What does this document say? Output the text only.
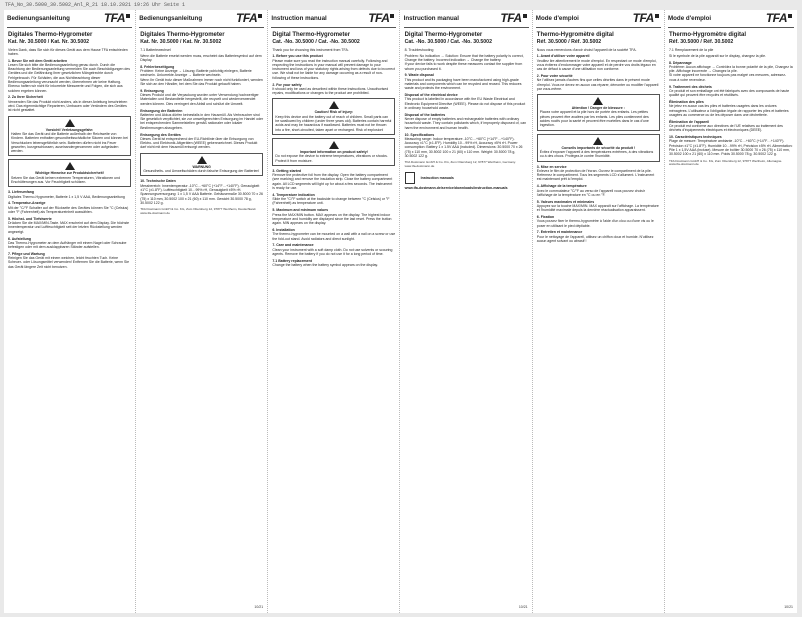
TFA_No_30.5000_30.5002_Anl_R_21 18.10.2021 19:26 Uhr Seite 1
Bedienungsanleitung	TFA
Digitales Thermo-Hygrometer
Kat. Nr. 30.5000 / Kat. Nr. 30.5002
Vielen Dank, dass Sie sich für dieses Gerät aus dem Hause TFA entschieden haben.
1. Bevor Sie mit dem Gerät arbeiten

Lesen Sie sich bitte die Bedienungsanleitung genau durch. Durch die Beachtung der Bedienungsanleitung vermeiden Sie auch Beschädigungen des Gerätes und die Gefährdung Ihrer gesetzlichen Mängelrechte durch Fehlgebrauch. Für Schäden, die aus Nichtbeachtung dieser Bedienungsanleitung verursacht werden, übernehmen wir keine Haftung. Ebenso haften wir nicht für inkorrekte Messwerte und Folgen, die sich aus solchen ergeben können.

2. Zu Ihrer Sicherheit

Verwenden Sie das Produkt nicht anders, als in dieser Anleitung beschrieben wird. Das eigenmächtige Reparieren, Umbauen oder Verändern des Gerätes ist nicht gestattet.

Vorsicht! Verletzungsgefahr:

Halten Sie das Gerät und die Batterie außerhalb der Reichweite von Kindern. Batterien enthalten gesundheitsschädliche Säuren und können bei Verschlucken lebensgefährlich sein. Batterien dürfen nicht ins Feuer geworfen, kurzgeschlossen, auseinandergenommen oder aufgeladen werden.

Wichtige Hinweise zur Produktsicherheit!

Setzen Sie das Gerät keinen extremen Temperaturen, Vibrationen und Erschütterungen aus. Vor Feuchtigkeit schützen.

3. Lieferumfang

Digitales Thermo-Hygrometer, Batterie 1 x 1,5 V AAA, Bedienungsanleitung

4. Temperatur-Anzeige

Mit der °C/°F Schalter auf der Rückseite des Gerätes können Sie °C (Celsius) oder °F (Fahrenheit) als Temperatureinheit auswählen.

5. Höchst- und Tiefstwerte

Drücken Sie die MAX/MIN-Taste. MAX erscheint auf dem Display. Die höchste Innentemperatur und Luftfeuchtigkeit seit der letzten Rückstellung werden angezeigt.

6. Aufstellung

Das Thermo-Hygrometer an dem Aufhänger mit einem Nagel oder Schraube befestigen oder mit dem ausklappbaren Ständer aufstellen.

7. Pflege und Wartung

Reinigen Sie das Gerät mit einem weichen, leicht feuchten Tuch. Keine Scheuer- oder Lösungsmittel verwenden! Entfernen Sie die Batterie, wenn Sie das Gerät längere Zeit nicht benutzen.

Bedienungsanleitung	TFA
Digitales Thermo-Hygrometer
Kat. Nr. 30.5000 / Kat. Nr. 30.5002
7.1 Batteriewechsel

Wenn die Batterie ersetzt werden muss, erscheint das Batteriesymbol auf dem Display.

8. Fehlerbeseitigung

Problem: Keine Anzeige → Lösung: Batterie polrichtig einlegen, Batterie wechseln. Unkorrekte Anzeige → Batterie wechseln.

Wenn Ihr Gerät trotz dieser Maßnahmen immer noch nicht funktioniert, wenden Sie sich an den Händler, bei dem Sie das Produkt gekauft haben.

9. Entsorgung

Dieses Produkt und die Verpackung wurden unter Verwendung hochwertiger Materialien und Bestandteile hergestellt, die recycelt und wiederverwendet werden können. Dies verringert den Abfall und schützt die Umwelt.

Entsorgung der Batterien

Batterien und Akkus dürfen keinesfalls in den Hausmüll. Als Verbraucher sind Sie gesetzlich verpflichtet, sie zur umweltgerechten Entsorgung im Handel oder bei entsprechenden Sammelstellen gemäß nationaler oder lokaler Bestimmungen abzugeben.

Entsorgung des Gerätes

Dieses Gerät ist entsprechend der EU-Richtlinie über die Entsorgung von Elektro- und Elektronik-Altgeräten (WEEE) gekennzeichnet. Dieses Produkt darf nicht mit dem Hausmüll entsorgt werden.

WARNUNG

Gesundheits- und Umweltschäden durch falsche Entsorgung der Batterien!

10. Technische Daten

Messbereich: Innentemperatur -10°C…+60°C (+14°F…+140°F). Genauigkeit ±1°C (±1.8°F). Luftfeuchtigkeit 10…99% rH, Genauigkeit ±5% rH. Spannungsversorgung: 1 x 1,5 V AAA Batterie. Gehäusemaße 30.5000 70 x 26 (75) x 110 mm, 30.5002 100 x 21 (60) x 110 mm. Gewicht 30.5000 78 g, 30.5002 122 g.

TFA Dostmann GmbH & Co. KG, Zum Ottersberg 12, 97877 Wertheim, Deutschland. www.tfa-dostmann.de
10/21
Instruction manual	TFA
Digital Thermo-Hygrometer
Cat. -No. 30.5000 / Cat. -No. 30.5002
Thank you for choosing this instrument from TFA.
1. Before you use this product

Please make sure you read the instruction manual carefully. Following and respecting the instructions in your manual will prevent damage to your instrument and loss of your statutory rights arising from defects due to incorrect use. We shall not be liable for any damage occurring as a result of non-following of these instructions.

2. For your safety

It should only be used as described within these instructions. Unauthorised repairs, modifications or changes to the product are prohibited.

Caution! Risk of injury:

Keep this device and the battery out of reach of children. Small parts can be swallowed by children (under three years old). Batteries contain harmful acids and may be hazardous if swallowed. Batteries must not be thrown into a fire, short-circuited, taken apart or recharged. Risk of explosion!

Important information on product safety!

Do not expose the device to extreme temperatures, vibrations or shocks. Protect it from moisture.

3. Getting started

Remove the protective foil from the display. Open the battery compartment (see marking) and remove the insulation strip. Close the battery compartment again. All LCD segments will light up for about a few seconds. The instrument is ready for use.

4. Temperature indication

Slide the °C/°F switch at the backside to change between °C (Celsius) or °F (Fahrenheit) as temperature unit.

5. Maximum and minimum values

Press the MAX/MIN button. MAX appears on the display. The highest indoor temperature and humidity are displayed since the last reset. Press the button again. MIN appears on the display.

6. Installation

The thermo-hygrometer can be mounted on a wall with a nail on a screw or use the fold-out stand. Avoid radiators and direct sunlight.

7. Care and maintenance

Clean your instrument with a soft damp cloth. Do not use solvents or scouring agents. Remove the battery if you do not use it for a long period of time.

7.1 Battery replacement

Change the battery when the battery symbol appears on the display.

Instruction manual	TFA
Digital Thermo-Hygrometer
Cat. -No. 30.5000 / Cat. -No. 30.5002
8. Troubleshooting

Problem: No indication → Solution: Ensure that the battery polarity is correct, Change the battery. Incorrect indication → Change the battery.

If your device fails to work despite these measures contact the supplier from whom you purchased it.

9. Waste disposal

This product and its packaging have been manufactured using high-grade materials and components which can be recycled and reused. This reduces waste and protects the environment.

Disposal of the electrical device

This product is labelled in accordance with the EU Waste Electrical and Electronic Equipment Directive (WEEE). Please do not dispose of this product in ordinary household waste.

Disposal of the batteries

Never dispose of empty batteries and rechargeable batteries with ordinary household waste. They contain pollutants which, if improperly disposed of, can harm the environment and human health.

10. Specifications

Measuring range: Indoor temperature -10°C…+60°C (+14°F…+140°F). Accuracy ±1°C (±1.8°F). Humidity 10…99% rH, Accuracy ±5% rH. Power consumption: Battery 1 x 1.5V AAA (included). Dimensions: 30.5000 70 x 26 (75) x 110 mm, 30.5002 100 x 21 (60) x 110 mm. Weight: 30.5000 78 g, 30.5002 122 g.

TFA Dostmann GmbH & Co. KG, Zum Ottersberg 12, 97877 Wertheim, Germany. www.tfa-dostmann.de
Instruction manuals
www.tfa-dostmann.de/service/downloads/instruction-manuals
10/21
Mode d'emploi	TFA
Thermo-Hygromètre digital
Réf. 30.5000 / Réf. 30.5002
Nous vous remercions d'avoir choisi l'appareil de la société TFA.
1. Avant d'utiliser votre appareil

Veuillez lire attentivement le mode d'emploi. En respectant ce mode d'emploi, vous éviterez d'endommager votre appareil et de perdre vos droits légaux en cas de défaut à cause d'une utilisation non conforme.

2. Pour votre sécurité

Ne l'utilisez jamais d'autres fins que celles décrites dans le présent mode d'emploi. Vous ne devez en aucun cas réparer, démonter ou modifier l'appareil par vous-même.

Attention ! Danger de blessure :

Placez votre appareil et la pile hors de portée des enfants. Les petites pièces peuvent être avalées par les enfants. Les piles contiennent des acides nocifs pour la santé et peuvent être mortelles dans le cas d'une ingestion.

Conseils importants de sécurité du produit !

Évitez d'exposer l'appareil à des températures extrêmes, à des vibrations ou à des chocs. Protégez-le contre l'humidité.

3. Mise en service

Enlevez le film de protection de l'écran. Ouvrez le compartiment de la pile. Refermez le compartiment. Tous les segments LCD s'allument. L'instrument est maintenant prêt à l'emploi.

4. Affichage de la température

Avec le commutateur °C/°F au verso de l'appareil vous pouvez choisir l'affichage de la température en °C ou en °F.

5. Valeurs maximales et minimales

Appuyez sur la touche MAX/MIN. MAX apparaît sur l'affichage. La température et l'humidité maximale depuis la dernière réactualisation apparaissent.

6. Fixation

Vous pouvez fixer le thermo-hygromètre à l'aide d'un clou ou d'une vis ou le poser en utilisant le pied dépliable.

7. Entretien et maintenance

Pour le nettoyage de l'appareil, utilisez un chiffon doux et humide. N'utilisez aucun agent solvant ou abrasif !

Mode d'emploi	TFA
Thermo-Hygromètre digital
Réf. 30.5000 / Réf. 30.5002
7.1 Remplacement de la pile

Si le symbole de la pile apparaît sur le display, changez la pile.

8. Dépannage

Problème: Aucun affichage → Contrôlez la bonne polarité de la pile, Changez la pile. Affichage incorrecte → Changez la pile.

Si votre appareil ne fonctionne toujours pas malgré ces mesures, adressez-vous à votre revendeur.

9. Traitement des déchets

Ce produit et son emballage ont été fabriqués avec des composants de haute qualité qui peuvent être recyclés et réutilisés.

Élimination des piles

Ne jetez en aucun cas les piles et batteries usagées dans les ordures ménagères. L'utilisateur a l'obligation légale de rapporter les piles et batteries usagées au commerce ou de les déposer dans une déchetterie.

Élimination de l'appareil

Ce produit est conforme aux directives de l'UE relatives au traitement des déchets d'équipements électriques et électroniques (DEEE).

10. Caractéristiques techniques

Plage de mesure: Température ambiante -10°C…+60°C (+14°F…+140°F). Précision ±1°C (±1.8°F). Humidité 10…99% rH, Précision ±5% rH. Alimentation: Pile 1 x 1,5V AAA (incluse). Mesure de boîtier 30.5000 70 x 26 (75) x 110 mm, 30.5002 100 x 21 (60) x 110 mm. Poids 30.5000 78 g, 30.5002 122 g.

TFA Dostmann GmbH & Co. KG, Zum Ottersberg 12, 97877 Wertheim, Allemagne. www.tfa-dostmann.de
10/21
